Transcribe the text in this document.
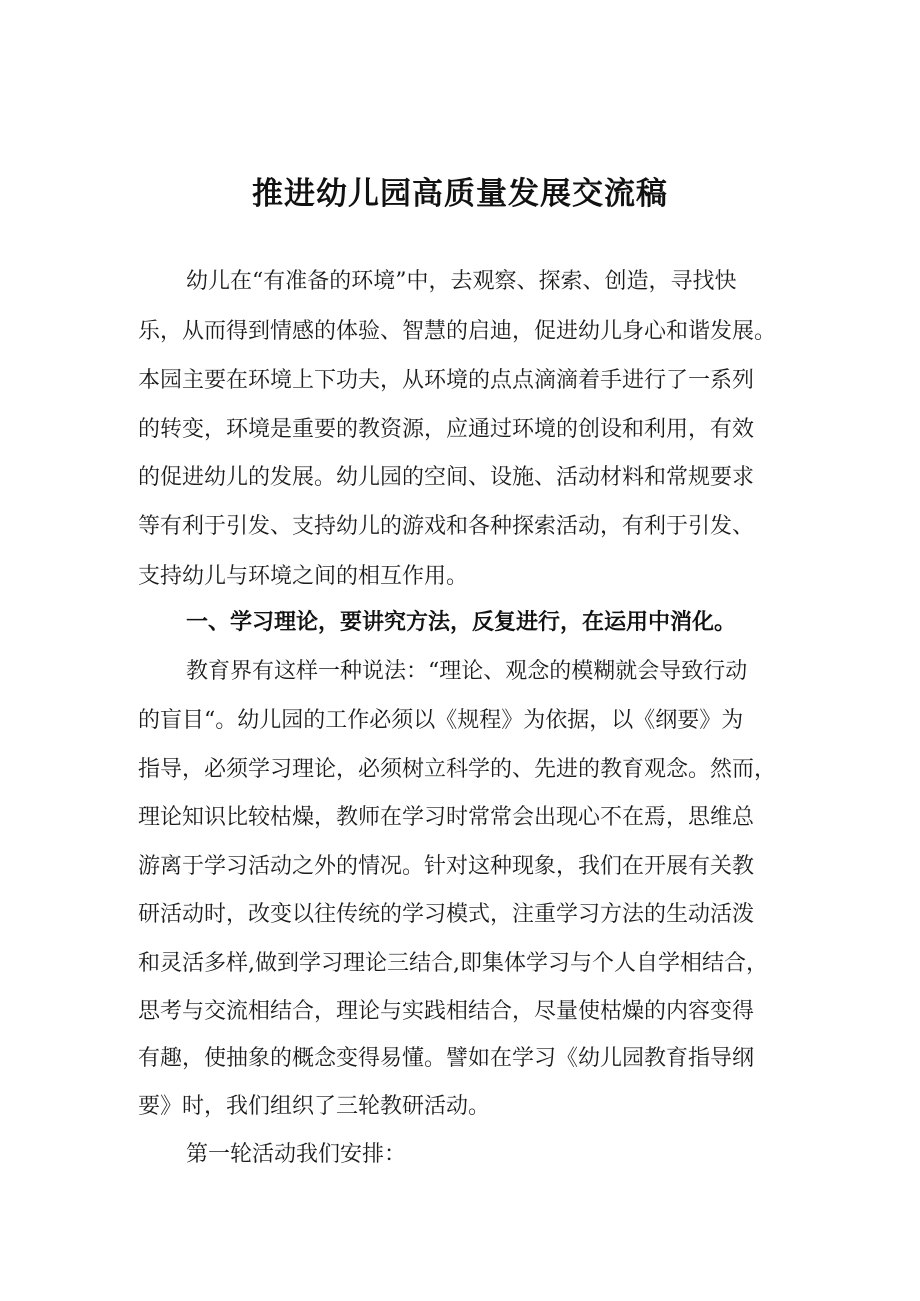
推进幼儿园高质量发展交流稿

幼儿在“有准备的环境”中，去观察、探索、创造，寻找快

乐，从而得到情感的体验、智慧的启迪，促进幼儿身心和谐发展。

本园主要在环境上下功夫，从环境的点点滴滴着手进行了一系列

的转变，环境是重要的教资源，应通过环境的创设和利用，有效

的促进幼儿的发展。幼儿园的空间、设施、活动材料和常规要求

等有利于引发、支持幼儿的游戏和各种探索活动，有利于引发、

支持幼儿与环境之间的相互作用。

一、学习理论，要讲究方法，反复进行，在运用中消化。

教育界有这样一种说法：“理论、观念的模糊就会导致行动

的盲目“。幼儿园的工作必须以《规程》为依据，以《纲要》为

指导，必须学习理论，必须树立科学的、先进的教育观念。然而，

理论知识比较枯燥，教师在学习时常常会出现心不在焉，思维总

游离于学习活动之外的情况。针对这种现象，我们在开展有关教

研活动时，改变以往传统的学习模式，注重学习方法的生动活泼

和灵活多样,做到学习理论三结合,即集体学习与个人自学相结合，

思考与交流相结合，理论与实践相结合，尽量使枯燥的内容变得

有趣，使抽象的概念变得易懂。譬如在学习《幼儿园教育指导纲

要》时，我们组织了三轮教研活动。

第一轮活动我们安排：
